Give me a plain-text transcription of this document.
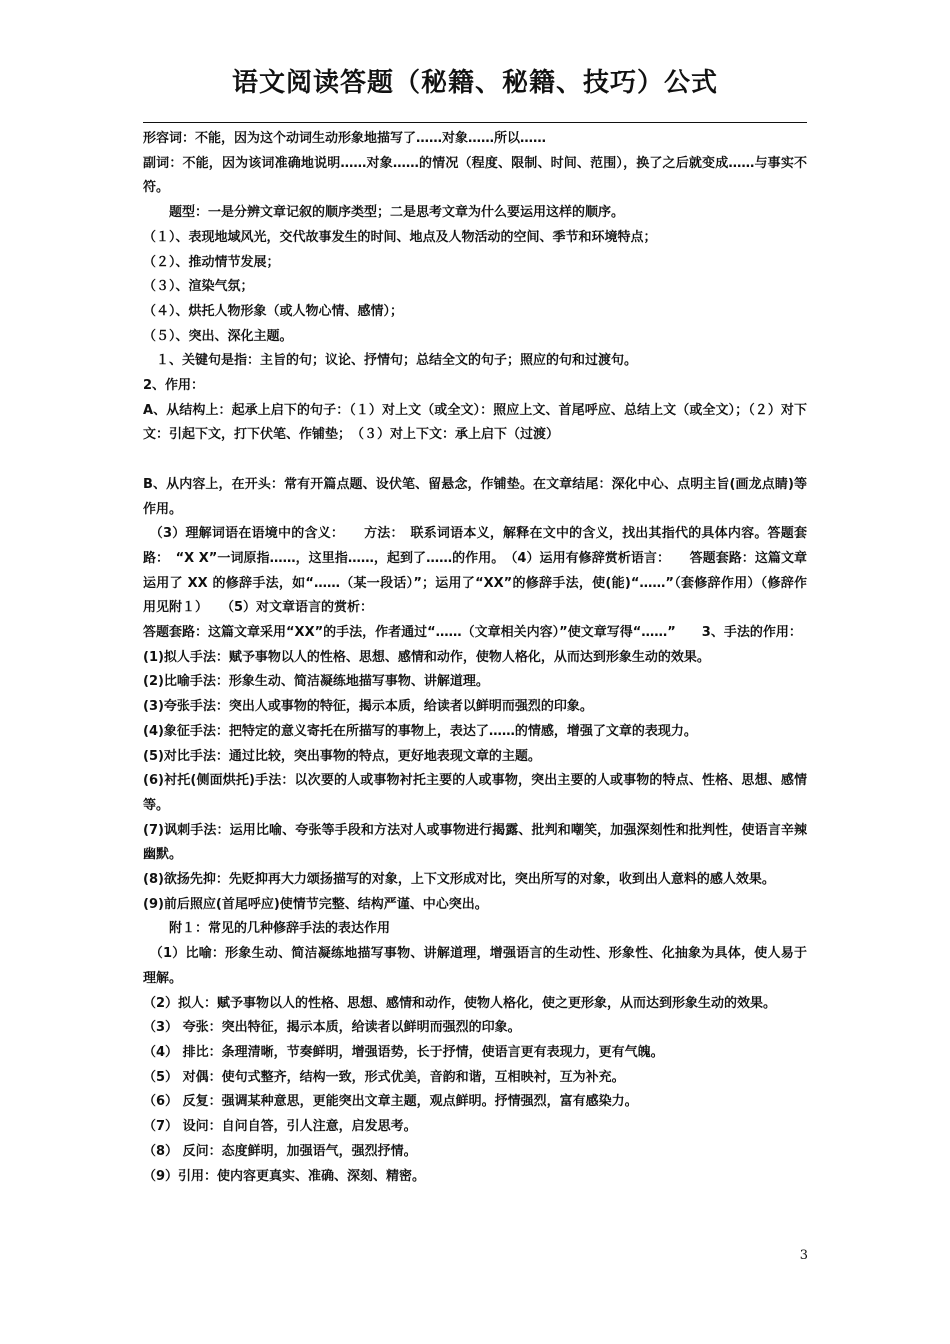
语文阅读答题（秘籍、秘籍、技巧）公式

形容词：不能，因为这个动词生动形象地描写了……对象……所以……

副词：不能，因为该词准确地说明……对象……的情况（程度、限制、时间、范围），换了之后就变成……与事实不符。

　　题型：一是分辨文章记叙的顺序类型；二是思考文章为什么要运用这样的顺序。

（１）、表现地域风光，交代故事发生的时间、地点及人物活动的空间、季节和环境特点；

（２）、推动情节发展；

（３）、渲染气氛；

（４）、烘托人物形象（或人物心情、感情）；

（５）、突出、深化主题。

　１、关键句是指：主旨的句；议论、抒情句；总结全文的句子；照应的句和过渡句。

2、作用：

A、从结构上：起承上启下的句子：（１）对上文（或全文）：照应上文、首尾呼应、总结上文（或全文）；（２）对下文：引起下文，打下伏笔、作铺垫；　（３）对上下文：承上启下（过渡）

B、从内容上，在开头：常有开篇点题、设伏笔、留悬念，作铺垫。在文章结尾：深化中心、点明主旨(画龙点睛)等作用。

　（3）理解词语在语境中的含义：　　方法：　联系词语本义，解释在文中的含义，找出其指代的具体内容。答题套路：　“X X”一词原指……，这里指……，起到了……的作用。　（4）运用有修辞赏析语言：　　答题套路：这篇文章运用了 XX 的修辞手法，如“……（某一段话）”；运用了“XX”的修辞手法，使(能)“……”（套修辞作用）（修辞作用见附１）　　（5）对文章语言的赏析：

答题套路：这篇文章采用“XX”的手法，作者通过“……（文章相关内容）”使文章写得“……”　　3、手法的作用：

(1)拟人手法：赋予事物以人的性格、思想、感情和动作，使物人格化，从而达到形象生动的效果。

(2)比喻手法：形象生动、简洁凝练地描写事物、讲解道理。

(3)夸张手法：突出人或事物的特征，揭示本质，给读者以鲜明而强烈的印象。

(4)象征手法：把特定的意义寄托在所描写的事物上，表达了……的情感，增强了文章的表现力。

(5)对比手法：通过比较，突出事物的特点，更好地表现文章的主题。

(6)衬托(侧面烘托)手法：以次要的人或事物衬托主要的人或事物，突出主要的人或事物的特点、性格、思想、感情等。

(7)讽刺手法：运用比喻、夸张等手段和方法对人或事物进行揭露、批判和嘲笑，加强深刻性和批判性，使语言辛辣幽默。

(8)欲扬先抑：先贬抑再大力颂扬描写的对象，上下文形成对比，突出所写的对象，收到出人意料的感人效果。

(9)前后照应(首尾呼应)使情节完整、结构严谨、中心突出。

　　附１：常见的几种修辞手法的表达作用

　（1）比喻：形象生动、简洁凝练地描写事物、讲解道理，增强语言的生动性、形象性、化抽象为具体，使人易于理解。

（2）拟人：赋予事物以人的性格、思想、感情和动作，使物人格化，使之更形象，从而达到形象生动的效果。

（3） 夸张：突出特征，揭示本质，给读者以鲜明而强烈的印象。

（4） 排比：条理清晰，节奏鲜明，增强语势，长于抒情，使语言更有表现力，更有气魄。

（5） 对偶：使句式整齐，结构一致，形式优美，音韵和谐，互相映衬，互为补充。

（6） 反复：强调某种意思，更能突出文章主题，观点鲜明。抒情强烈，富有感染力。

（7） 设问：自问自答，引人注意，启发思考。

（8） 反问：态度鲜明，加强语气，强烈抒情。

（9）引用：使内容更真实、准确、深刻、精密。

3
